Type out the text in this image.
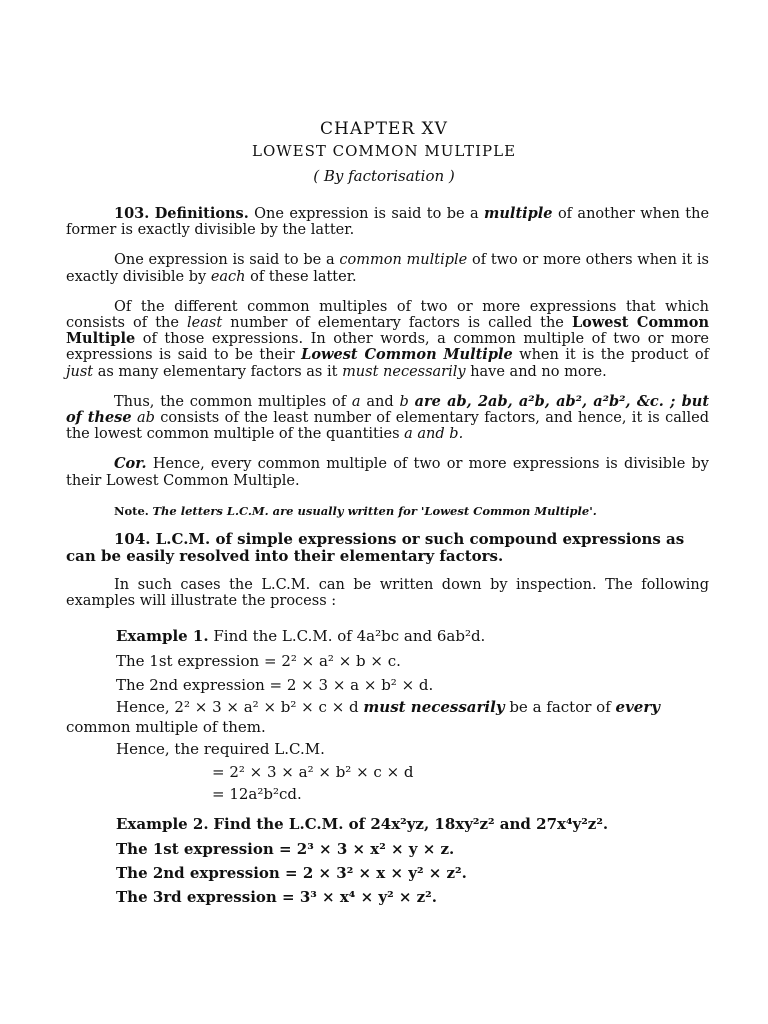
CHAPTER XV
LOWEST COMMON MULTIPLE
( By factorisation )

103. Definitions. One expression is said to be a multiple of another when the former is exactly divisible by the latter.

One expression is said to be a common multiple of two or more others when it is exactly divisible by each of these latter.

Of the different common multiples of two or more expressions that which consists of the least number of elementary factors is called the Lowest Common Multiple of those expressions. In other words, a common multiple of two or more expressions is said to be their Lowest Common Multiple when it is the product of just as many elementary factors as it must necessarily have and no more.

Thus, the common multiples of a and b are ab, 2ab, a²b, ab², a²b², &c. ; but of these ab consists of the least number of elementary factors, and hence, it is called the lowest common multiple of the quantities a and b.

Cor. Hence, every common multiple of two or more expressions is divisible by their Lowest Common Multiple.

Note. The letters L.C.M. are usually written for 'Lowest Common Multiple'.

104. L.C.M. of simple expressions or such compound expressions as can be easily resolved into their elementary factors.

In such cases the L.C.M. can be written down by inspection. The following examples will illustrate the process :

Example 1. Find the L.C.M. of 4a²bc and 6ab²d.

The 1st expression = 2² × a² × b × c.

The 2nd expression = 2 × 3 × a × b² × d.

Hence, 2² × 3 × a² × b² × c × d must necessarily be a factor of every common multiple of them.

Hence, the required L.C.M.

= 2² × 3 × a² × b² × c × d

= 12a²b²cd.

Example 2. Find the L.C.M. of 24x²yz, 18xy²z² and 27x⁴y²z².

The 1st expression = 2³ × 3 × x² × y × z.

The 2nd expression = 2 × 3² × x × y² × z².

The 3rd expression = 3³ × x⁴ × y² × z².
